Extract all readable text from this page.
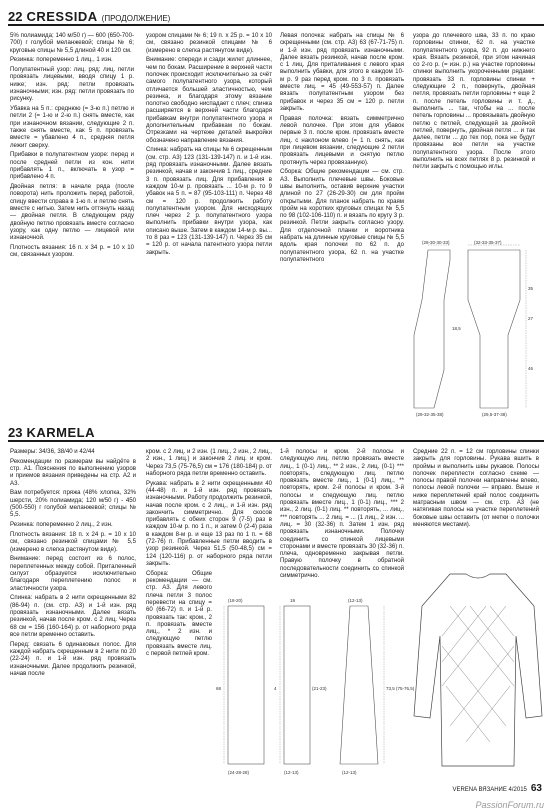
22 CRESSIDA (ПРОДОЛЖЕНИЕ)

5% полиамида; 140 м/50 г) — 600 (650-700-700) г голубой меланжевой; спицы № 6; круговые спицы № 5,5 длиной 40 и 120 см.

Резинка: попеременно 1 лиц., 1 изн.

Полупатентный узор: лиц. ряд: лиц. петли провязать лицевыми, вводя спицу 1 р. ниже; изн. ряд: петли провязать изнаночными; изн. ряд: петли провязать по рисунку.

Убавка на 5 п.: среднюю (= 3-ю п.) петлю и петли 2 (= 1-ю и 2-ю п.) снять вместе, как при изнаночном вязании, следующие 2 п. также снять вместе, как 5 п. провязать вместе = убавлено 4 п., средняя петля лежит сверху.

Прибавки в полупатентном узоре: перед и после средней петли из кон. нити прибавлять 1 п., включать в узор = прибавлено 4 п.

Двойная петля: в начале ряда (после поворота) нить проложить перед работой, спицу ввести справа в 1-ю п. и петлю снять вместе с нитью. Затем нить оттянуть назад — двойная петля. В следующем ряду двойную петлю провязать вместе согласно узору, как одну петлю — лицевой или изнаночной.

Плотность вязания: 16 п. х 34 р. = 10 х 10 см, связанных узором.

узором спицами № 6; 19 п. х 25 р. = 10 х 10 см, связано резинкой спицами № 6 (измерено в слегка растянутом виде).

Внимание: спереди и сзади жилет длиннее, чем по бокам. Расширение в верхней части полочек происходит исключительно за счёт самого полупатентного узора, который отличается большей эластичностью, чем резинка, и благодаря этому вязание полотно свободно ниспадает с плеч; спинка расширяется в верхней части благодаря прибавкам внутри полупатентного узора и дополнительным прибавкам по бокам. Отрезками на чертеже деталей выкройки обозначено направление вязания.

Спинка: набрать на спицы № 6 скрещенным (см. стр. А3) 123 (131-139-147) п. и 1-й изн. ряд провязать изнаночными. Далее вязать резинкой, начав и закончив 1 лиц., средние 3 п. провязать лиц. Для прибавления в каждом 10-м р. провязать ... 10-м р. то 9 убавок на 5 п. = 87 (95-103-111) п. Через 48 см = 120 р. продолжить работу полупатентным узором. Для нисходящих плеч через 2 р. полупатентного узора выполнить прибавки внутри узора, как описано выше. Затем в каждом 14-м р. вы... то 8 раз = 123 (131-139-147) п. Через 35 см = 120 р. от начала патентного узора петли закрыть.

Левая полочка: набрать на спицы № 6 скрещенными (см. стр. А3) 63 (67-71-75) п. и 1-й изн. ряд провязать изнаночными. Далее вязать резинкой, начав после кром. с 1 лиц. Для приталивания с левого края выполнить убавки, для этого в каждом 10-м р. 9 раз перед кром. по 3 п. провязать вместе лиц. = 45 (49-553-57) п. Далее вязать полупатентным узором без прибавок и через 35 см = 120 р. петли закрыть.

Правая полочка: вязать симметрично левой полочке. При этом для убавок первые 3 п. после кром. провязать вместе лиц. с наклоном влево (= 1 п. снять, как при лицевом вязании, следующие 2 петли провязать лицевыми и снятую петлю протянуть через провязанную).

Сборка: Общие рекомендации — см. стр. А3. Выполнить плечевые швы. Боковые швы выполнить, оставив верхние участки длиной по 27 (26-29-30) см для пройм открытыми. Для планок набрать по краям пройм на коротких круговых спицах № 5,5 по 98 (102-106-110) п. и вязать по кругу 3 р. резинкой. Петли закрыть согласно узору. Для отделочной планки и воротника набрать на длинные круговые спицы № 5,5 вдоль края полочки по 62 п. до полупатентного узора, 62 п. на участке полупатентного

узора до плечевого шва, 33 п. по краю горловины спинки, 62 п. на участке полупатентного узора, 92 п. до нижнего края. Вязать резинкой, при этом начиная со 2-го р. (= изн. р.) на участке горловины спинки выполнить укороченными рядами: провязать 33 п. горловины спинки + следующие 2 п., повернуть, двойная петля, провязать петли горловины + еще 2 п. после петель горловины и т. д., выполнить ... так, чтобы на ... после петель горловины ... провязывать двойную петлю с петлей, следующей за двойной петлей, повернуть, двойная петля ... и так далее, петли ... до тех пор, пока не будут провязаны все петли на участке полупатентного узора. После этого выполнить на всех петлях 8 р. резинкой и петли закрыть с помощью иглы.

(28-30-30-33)	(32-33-35-37)
(29-32-35-38)	(29,5-37-38)
35
27
18,5
46
23 KARMELA

Размеры: 34/36, 38/40 и 42/44

Рекомендации по размерам вы найдёте в стр. А1. Пояснения по выполнению узоров и приемов вязания приведены на стр. А2 и А3.

Вам потребуется: пряжа (48% хлопка, 32% шерсти, 20% полиамида; 120 м/50 г) - 450 (500-550) г голубой меланжевой; спицы № 5,5.

Резинка: попеременно 2 лиц., 2 изн.

Плотность вязания: 18 п. х 24 р. = 10 х 10 см, связано резинкой спицами № 5,5 (измерено в слегка растянутом виде).

Внимание: перед состоит из 6 полос, переплетенных между собой. Приталенный силуэт образуется исключительно благодаря переплетению полос и эластичности узора.

Спинка: набрать в 2 нити скрещенными 82 (86-94) п. (см. стр. А3) и 1-й изн. ряд провязать изнаночными. Далее вязать резинкой, начав после кром. с 2 лиц. Через 68 см = 156 (160-164) р. от наборного ряда все петли временно оставить.

Перед: связать 6 одинаковых полос. Для каждой набрать скрещенным в 2 нити по 20 (22-24) п. и 1-й изн. ряд провязать изнаночными. Далее продолжить резинкой, начав после

кром. с 2 лиц. и 2 изн. (1 лиц., 2 изн., 2 лиц., 2 изн., 1 лиц.) и закончив 2 лиц. и кром. Через 73,5 (75-76,5) см = 176 (180-184) р. от наборного ряда петли временно оставить.

Рукава: набрать в 2 нити скрещенными 40 (44-48) п. и 1-й изн. ряд провязать изнаночными. Работу продолжить резинкой, начав после кром. с 2 лиц., и 1-й изн. ряд закончить симметрично. Для скосов прибавлять с обеих сторон 9 (7-5) раз в каждом 10-м р. по 1 п., и затем 0 (2-4) раза в каждом 8-м р. и еще 13 раз по 1 п. = 68 (72-76) п. Прибавленные петли вводить в узор резинкой. Через 51,5 (50-48,5) см = 124 (120-116) р. от наборного ряда петли закрыть.

Сборка: Общие рекомендации — см. стр. А3. Для левого плеча петли 3 полос перевести на спицу = 60 (66-72) п. и 1-й р. провязать так: кром., 2 п. провязать вместе лиц., * 2 изн. и следующую петлю провязать вместе лиц. с первой петлей кром.

1-й полосы и кром. 2-й полосы и следующую лиц. петлю провязать вместе лиц., 1 (0-1) лиц., ** 2 изн., 2 лиц. (0-1) *** повторять, следующую лиц. петлю провязать вместе лиц., 1 (0-1) лиц., ** повторять, кром. 2-й полосы и кром. 3-й полосы и следующую лиц. петлю провязать вместе лиц., 1 (0-1) лиц., *** 2 изн., 2 лиц. (0-1) лиц. ** повторять, ... лиц., *** повторять ... 2 лиц. = ... (1 лиц., 2 изн. ... лиц. = 30 (32-36) п. Затем 1 изн. ряд провязать изнаночными. Полочку соединить со спинкой лицевыми сторонами и вместе провязать 30 (32-36) п. плеча, одновременно закрывая петли. Правую полочку в обратной последовательности соединить со спинкой симметрично.

Средние 22 п. = 12 см горловины спинки закрыть для горловины. Рукава вшить в проймы и выполнить швы рукавов. Полосы полочек переплести согласно схеме — полосы правой полочки направлены влево, полосы левой полочки — вправо. Выше и ниже переплетений край полос соединить матрасным швом — см. стр. А3 (не натягивая полосы на участке переплетений боковые швы оставить (от метки о полочки меняются местами).

(18-20)	19
(24-28-28)
68
(12-13)	(12-13)
4
(12-13)
73,5 (75-76,5)
(21-23)
VERENA ВЯЗАНИЕ 4/2015 63
PassionForum.ru
